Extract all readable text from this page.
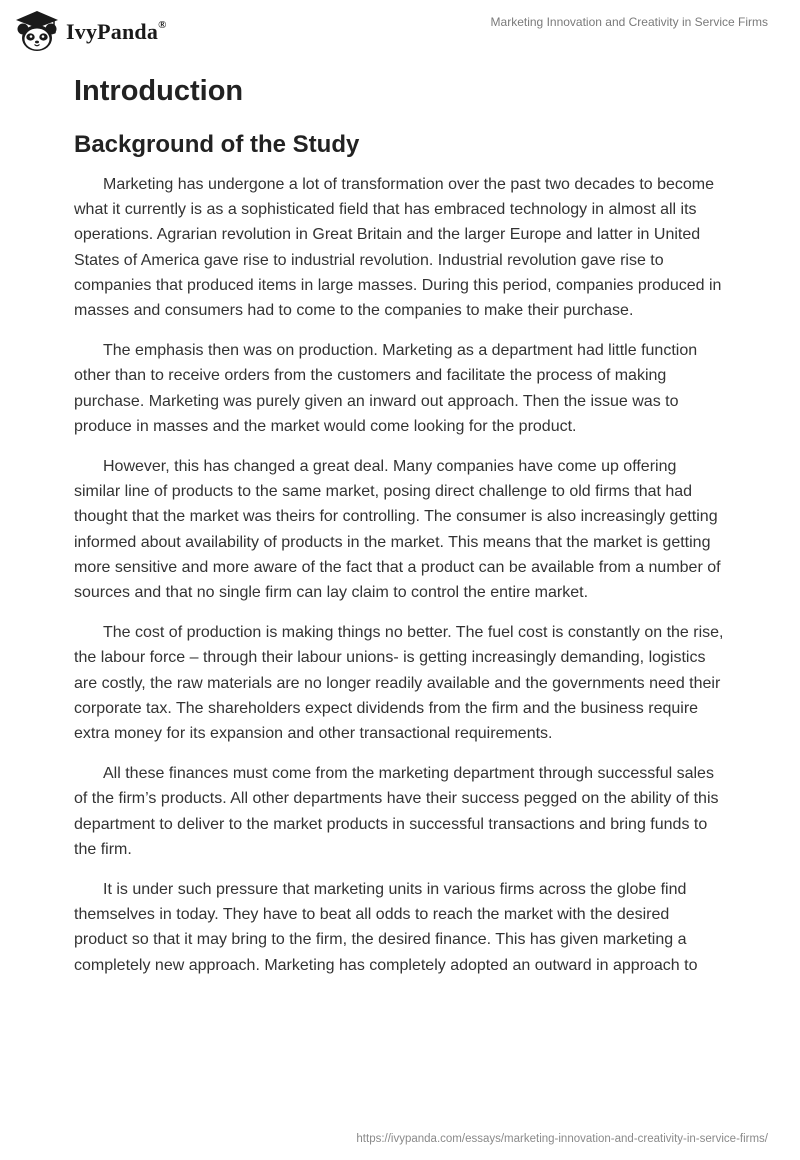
IvyPanda®	Marketing Innovation and Creativity in Service Firms
Introduction
Background of the Study

Marketing has undergone a lot of transformation over the past two decades to become what it currently is as a sophisticated field that has embraced technology in almost all its operations. Agrarian revolution in Great Britain and the larger Europe and latter in United States of America gave rise to industrial revolution. Industrial revolution gave rise to companies that produced items in large masses. During this period, companies produced in masses and consumers had to come to the companies to make their purchase.

The emphasis then was on production. Marketing as a department had little function other than to receive orders from the customers and facilitate the process of making purchase. Marketing was purely given an inward out approach. Then the issue was to produce in masses and the market would come looking for the product.

However, this has changed a great deal. Many companies have come up offering similar line of products to the same market, posing direct challenge to old firms that had thought that the market was theirs for controlling. The consumer is also increasingly getting informed about availability of products in the market. This means that the market is getting more sensitive and more aware of the fact that a product can be available from a number of sources and that no single firm can lay claim to control the entire market.

The cost of production is making things no better. The fuel cost is constantly on the rise, the labour force – through their labour unions- is getting increasingly demanding, logistics are costly, the raw materials are no longer readily available and the governments need their corporate tax. The shareholders expect dividends from the firm and the business require extra money for its expansion and other transactional requirements.

All these finances must come from the marketing department through successful sales of the firm’s products. All other departments have their success pegged on the ability of this department to deliver to the market products in successful transactions and bring funds to the firm.

It is under such pressure that marketing units in various firms across the globe find themselves in today. They have to beat all odds to reach the market with the desired product so that it may bring to the firm, the desired finance. This has given marketing a completely new approach. Marketing has completely adopted an outward in approach to

https://ivypanda.com/essays/marketing-innovation-and-creativity-in-service-firms/
